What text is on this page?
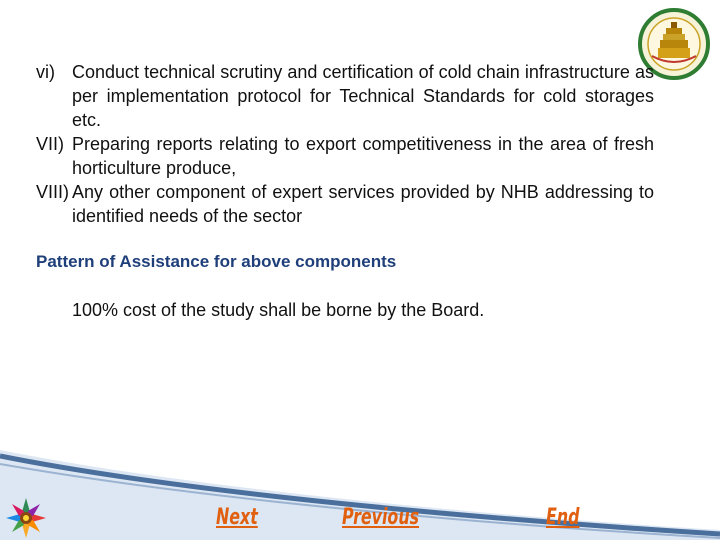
vi) Conduct technical scrutiny and certification of cold chain infrastructure as per implementation protocol for Technical Standards for cold storages etc.
VII) Preparing reports relating to export competitiveness in the area of fresh horticulture produce,
VIII) Any other component of expert services provided by NHB addressing to identified needs of the sector
Pattern of Assistance for above components
100% cost of the study shall be borne by the Board.
Next	Previous	End
